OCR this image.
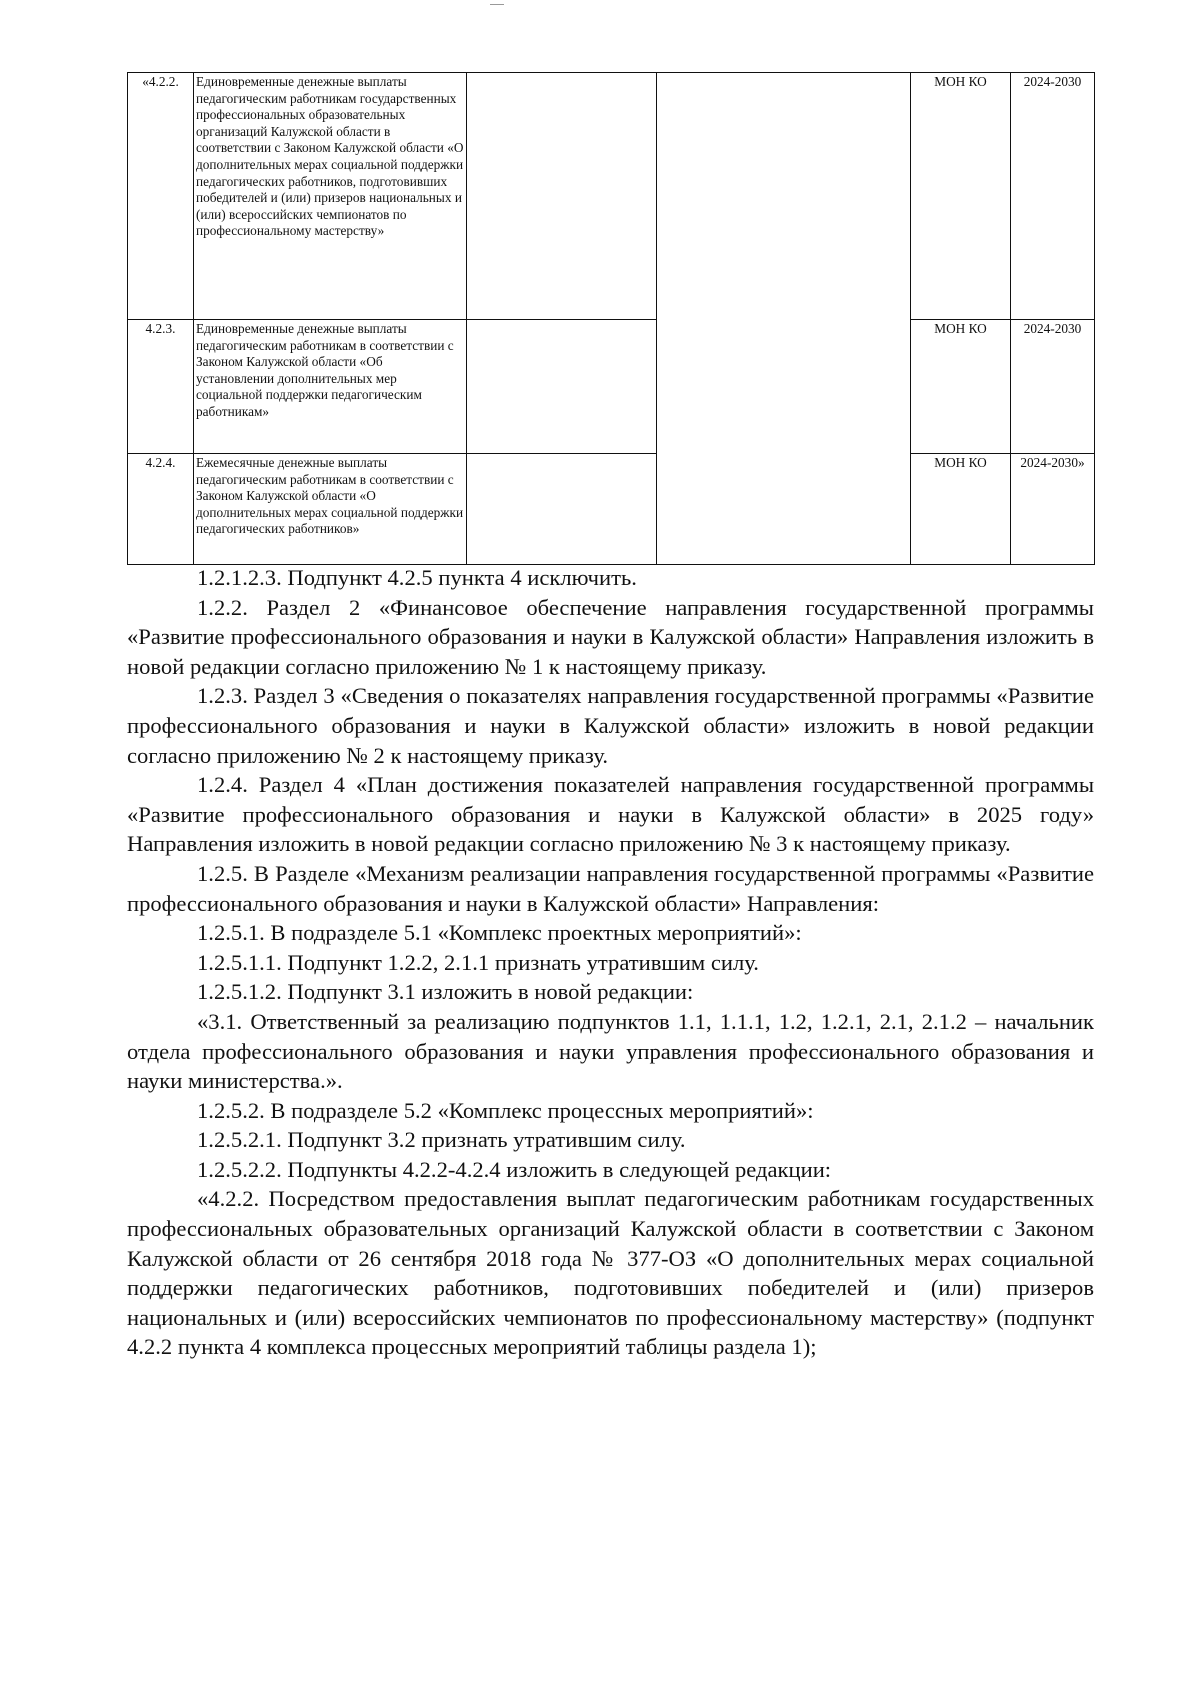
«4.2.2.	Единовременные денежные выплаты педагогическим работникам государственных профессиональных образовательных организаций Калужской области в соответствии с Законом Калужской области «О дополнительных мерах социальной поддержки педагогических работников, подготовивших победителей и (или) призеров национальных и (или) всероссийских чемпионатов по профессиональному мастерству»			МОН КО	2024-2030
4.2.3.	Единовременные денежные выплаты педагогическим работникам в соответствии с Законом Калужской области «Об установлении дополнительных мер социальной поддержки педагогическим работникам»			МОН КО	2024-2030
4.2.4.	Ежемесячные денежные выплаты педагогическим работникам в соответствии с Законом Калужской области «О дополнительных мерах социальной поддержки педагогических работников»			МОН КО	2024-2030»

1.2.1.2.3. Подпункт 4.2.5 пункта 4 исключить.

1.2.2. Раздел 2 «Финансовое обеспечение направления государственной программы «Развитие профессионального образования и науки в Калужской области» Направления изложить в новой редакции согласно приложению № 1 к настоящему приказу.

1.2.3. Раздел 3 «Сведения о показателях направления государственной программы «Развитие профессионального образования и науки в Калужской области» изложить в новой редакции согласно приложению № 2 к настоящему приказу.

1.2.4. Раздел 4 «План достижения показателей направления государственной программы «Развитие профессионального образования и науки в Калужской области» в 2025 году» Направления изложить в новой редакции согласно приложению № 3 к настоящему приказу.

1.2.5. В Разделе «Механизм реализации направления государственной программы «Развитие профессионального образования и науки в Калужской области» Направления:

1.2.5.1. В подразделе 5.1 «Комплекс проектных мероприятий»:

1.2.5.1.1. Подпункт 1.2.2, 2.1.1 признать утратившим силу.

1.2.5.1.2. Подпункт 3.1 изложить в новой редакции:

«3.1. Ответственный за реализацию подпунктов 1.1, 1.1.1, 1.2, 1.2.1, 2.1, 2.1.2 – начальник отдела профессионального образования и науки управления профессионального образования и науки министерства.».

1.2.5.2. В подразделе 5.2 «Комплекс процессных мероприятий»:

1.2.5.2.1. Подпункт 3.2 признать утратившим силу.

1.2.5.2.2. Подпункты 4.2.2-4.2.4 изложить в следующей редакции:

«4.2.2. Посредством предоставления выплат педагогическим работникам государственных профессиональных образовательных организаций Калужской области в соответствии с Законом Калужской области от 26 сентября 2018 года № 377-ОЗ «О дополнительных мерах социальной поддержки педагогических работников, подготовивших победителей и (или) призеров национальных и (или) всероссийских чемпионатов по профессиональному мастерству» (подпункт 4.2.2 пункта 4 комплекса процессных мероприятий таблицы раздела 1);
